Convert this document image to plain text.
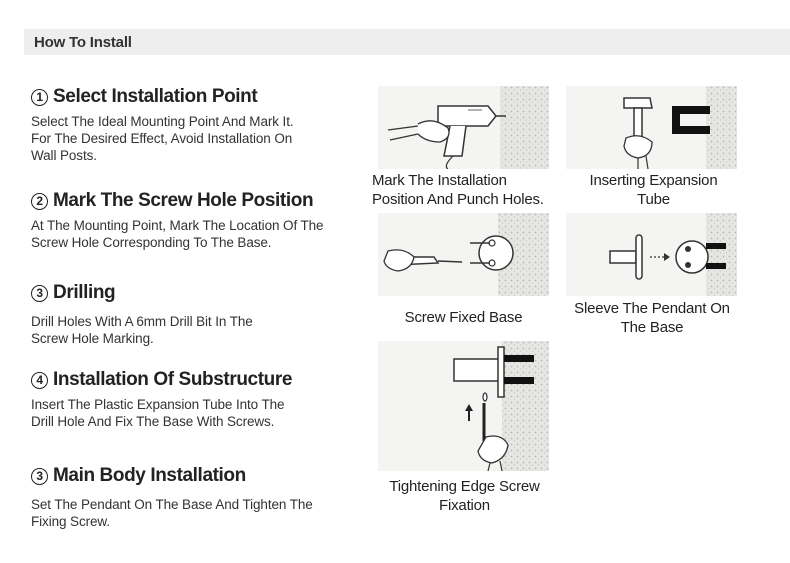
How To Install
1 Select Installation Point
Select The Ideal Mounting Point And Mark It.
For The Desired Effect, Avoid Installation On
Wall Posts.
2 Mark The Screw Hole Position
At The Mounting Point, Mark The Location Of The
Screw Hole Corresponding To The Base.
3 Drilling
Drill Holes With A 6mm Drill Bit In The
Screw Hole Marking.
4 Installation Of Substructure
Insert The Plastic Expansion Tube Into The
Drill Hole And Fix The Base With Screws.
3 Main Body Installation
Set The Pendant On The Base And Tighten The
Fixing Screw.
Mark The Installation
Position And Punch Holes.
Inserting Expansion
Tube
Screw Fixed Base
Sleeve The Pendant On
The Base
Tightening Edge Screw
Fixation
